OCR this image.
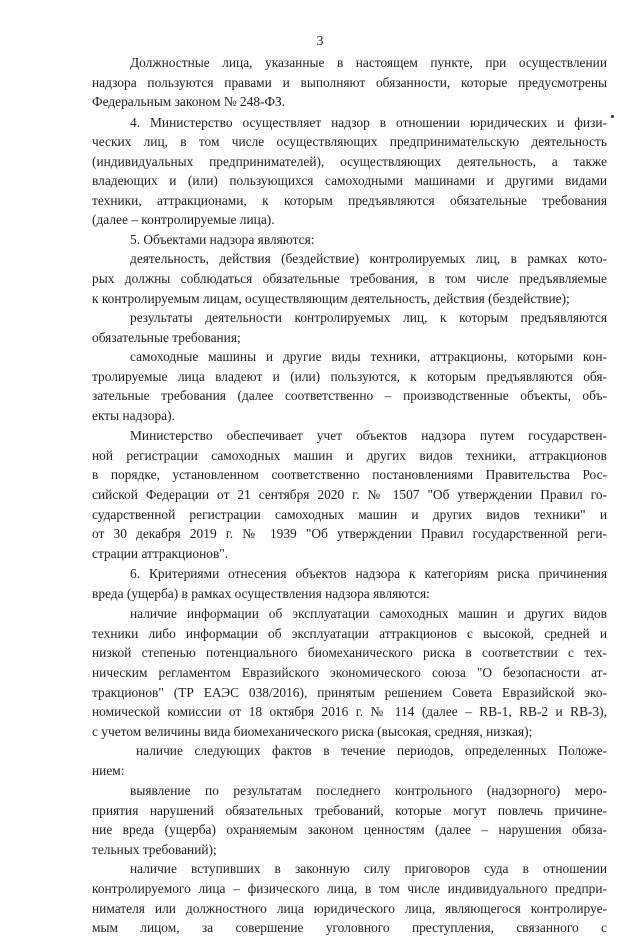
3
Должностные лица, указанные в настоящем пункте, при осуществлении
надзора пользуются правами и выполняют обязанности, которые предусмотрены
Федеральным законом № 248-ФЗ.
4. Министерство осуществляет надзор в отношении юридических и физи-
ческих лиц, в том числе осуществляющих предпринимательскую деятельность
(индивидуальных предпринимателей), осуществляющих деятельность, а также
владеющих и (или) пользующихся самоходными машинами и другими видами
техники, аттракционами, к которым предъявляются обязательные требования
(далее – контролируемые лица).
5. Объектами надзора являются:
деятельность, действия (бездействие) контролируемых лиц, в рамках кото-
рых должны соблюдаться обязательные требования, в том числе предъявляемые
к контролируемым лицам, осуществляющим деятельность, действия (бездействие);
результаты деятельности контролируемых лиц, к которым предъявляются
обязательные требования;
самоходные машины и другие виды техники, аттракционы, которыми кон-
тролируемые лица владеют и (или) пользуются, к которым предъявляются обя-
зательные требования (далее соответственно – производственные объекты, объ-
екты надзора).
Министерство обеспечивает учет объектов надзора путем государствен-
ной регистрации самоходных машин и других видов техники, аттракционов
в порядке, установленном соответственно постановлениями Правительства Рос-
сийской Федерации от 21 сентября 2020 г. № 1507 "Об утверждении Правил го-
сударственной регистрации самоходных машин и других видов техники" и
от 30 декабря 2019 г. № 1939 "Об утверждении Правил государственной реги-
страции аттракционов".
6. Критериями отнесения объектов надзора к категориям риска причинения
вреда (ущерба) в рамках осуществления надзора являются:
наличие информации об эксплуатации самоходных машин и других видов
техники либо информации об эксплуатации аттракционов с высокой, средней и
низкой степенью потенциального биомеханического риска в соответствии с тех-
ническим регламентом Евразийского экономического союза "О безопасности ат-
тракционов" (ТР ЕАЭС 038/2016), принятым решением Совета Евразийской эко-
номической комиссии от 18 октября 2016 г. № 114 (далее – RB-1, RB-2 и RB-3),
с учетом величины вида биомеханического риска (высокая, средняя, низкая);
наличие следующих фактов в течение периодов, определенных Положе-
нием:
выявление по результатам последнего контрольного (надзорного) меро-
приятия нарушений обязательных требований, которые могут повлечь причине-
ние вреда (ущерба) охраняемым законом ценностям (далее – нарушения обяза-
тельных требований);
наличие вступивших в законную силу приговоров суда в отношении
контролируемого лица – физического лица, в том числе индивидуального предпри-
нимателя или должностного лица юридического лица, являющегося контролируе-
мым лицом, за совершение уголовного преступления, связанного с
